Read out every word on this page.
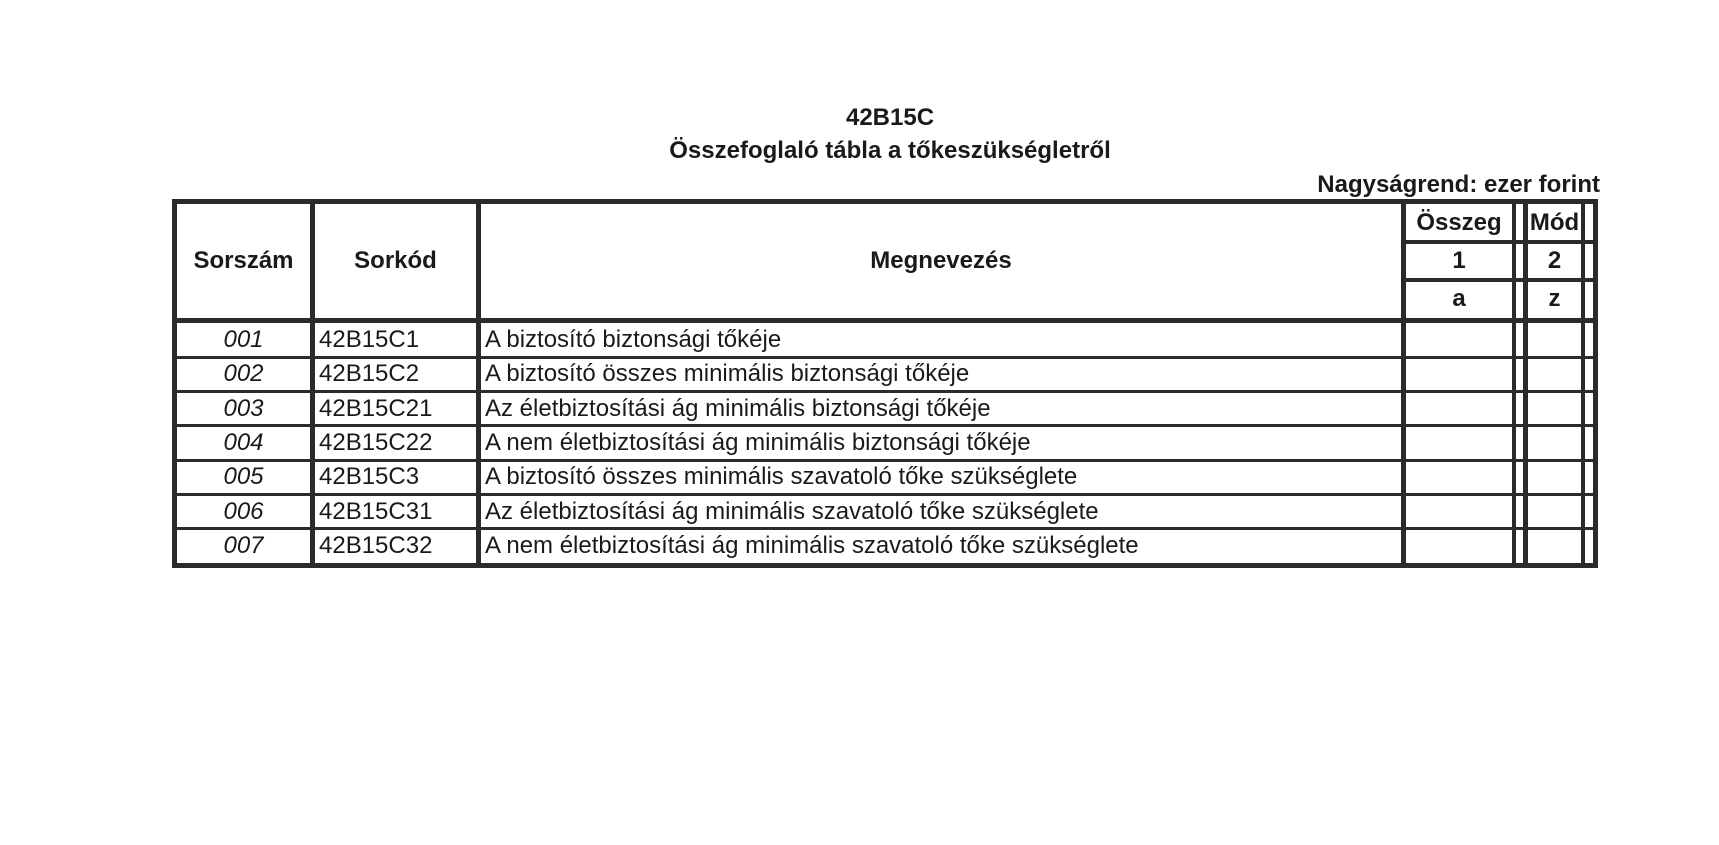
42B15C
Összefoglaló tábla a tőkeszükségletről
Nagyságrend: ezer forint
Sorszám	Sorkód	Megnevezés
Összeg	Mód
1	2
a	z
001	42B15C1	A biztosító biztonsági tőkéje
002	42B15C2	A biztosító összes minimális biztonsági tőkéje
003	42B15C21	Az életbiztosítási ág minimális biztonsági tőkéje
004	42B15C22	A nem életbiztosítási ág minimális biztonsági tőkéje
005	42B15C3	A biztosító összes minimális szavatoló tőke szükséglete
006	42B15C31	Az életbiztosítási ág minimális szavatoló tőke szükséglete
007	42B15C32	A nem életbiztosítási ág minimális szavatoló tőke szükséglete
